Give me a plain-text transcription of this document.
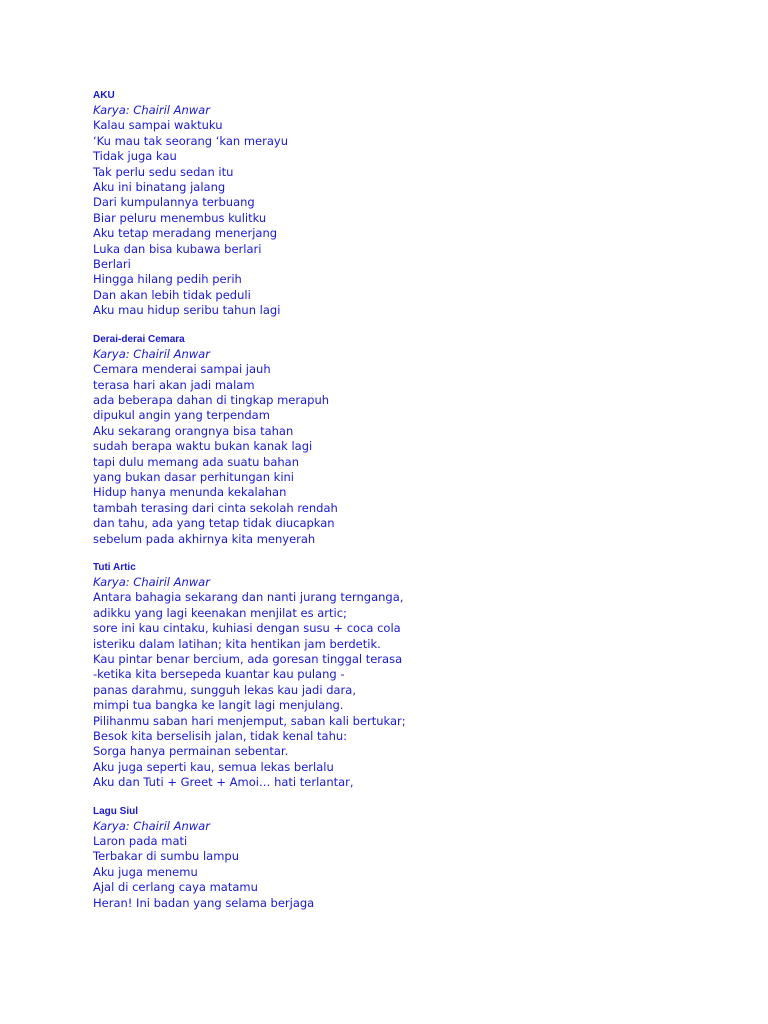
AKU
Karya: Chairil Anwar
Kalau sampai waktuku
‘Ku mau tak seorang ‘kan merayu
Tidak juga kau
Tak perlu sedu sedan itu
Aku ini binatang jalang
Dari kumpulannya terbuang
Biar peluru menembus kulitku
Aku tetap meradang menerjang
Luka dan bisa kubawa berlari
Berlari
Hingga hilang pedih perih
Dan akan lebih tidak peduli
Aku mau hidup seribu tahun lagi
Derai-derai Cemara
Karya: Chairil Anwar
Cemara menderai sampai jauh
terasa hari akan jadi malam
ada beberapa dahan di tingkap merapuh
dipukul angin yang terpendam
Aku sekarang orangnya bisa tahan
sudah berapa waktu bukan kanak lagi
tapi dulu memang ada suatu bahan
yang bukan dasar perhitungan kini
Hidup hanya menunda kekalahan
tambah terasing dari cinta sekolah rendah
dan tahu, ada yang tetap tidak diucapkan
sebelum pada akhirnya kita menyerah
Tuti Artic
Karya: Chairil Anwar
Antara bahagia sekarang dan nanti jurang ternganga,
adikku yang lagi keenakan menjilat es artic;
sore ini kau cintaku, kuhiasi dengan susu + coca cola
isteriku dalam latihan; kita hentikan jam berdetik.
Kau pintar benar bercium, ada goresan tinggal terasa
-ketika kita bersepeda kuantar kau pulang -
panas darahmu, sungguh lekas kau jadi dara,
mimpi tua bangka ke langit lagi menjulang.
Pilihanmu saban hari menjemput, saban kali bertukar;
Besok kita berselisih jalan, tidak kenal tahu:
Sorga hanya permainan sebentar.
Aku juga seperti kau, semua lekas berlalu
Aku dan Tuti + Greet + Amoi… hati terlantar,
Lagu Siul
Karya: Chairil Anwar
Laron pada mati
Terbakar di sumbu lampu
Aku juga menemu
Ajal di cerlang caya matamu
Heran! Ini badan yang selama berjaga
